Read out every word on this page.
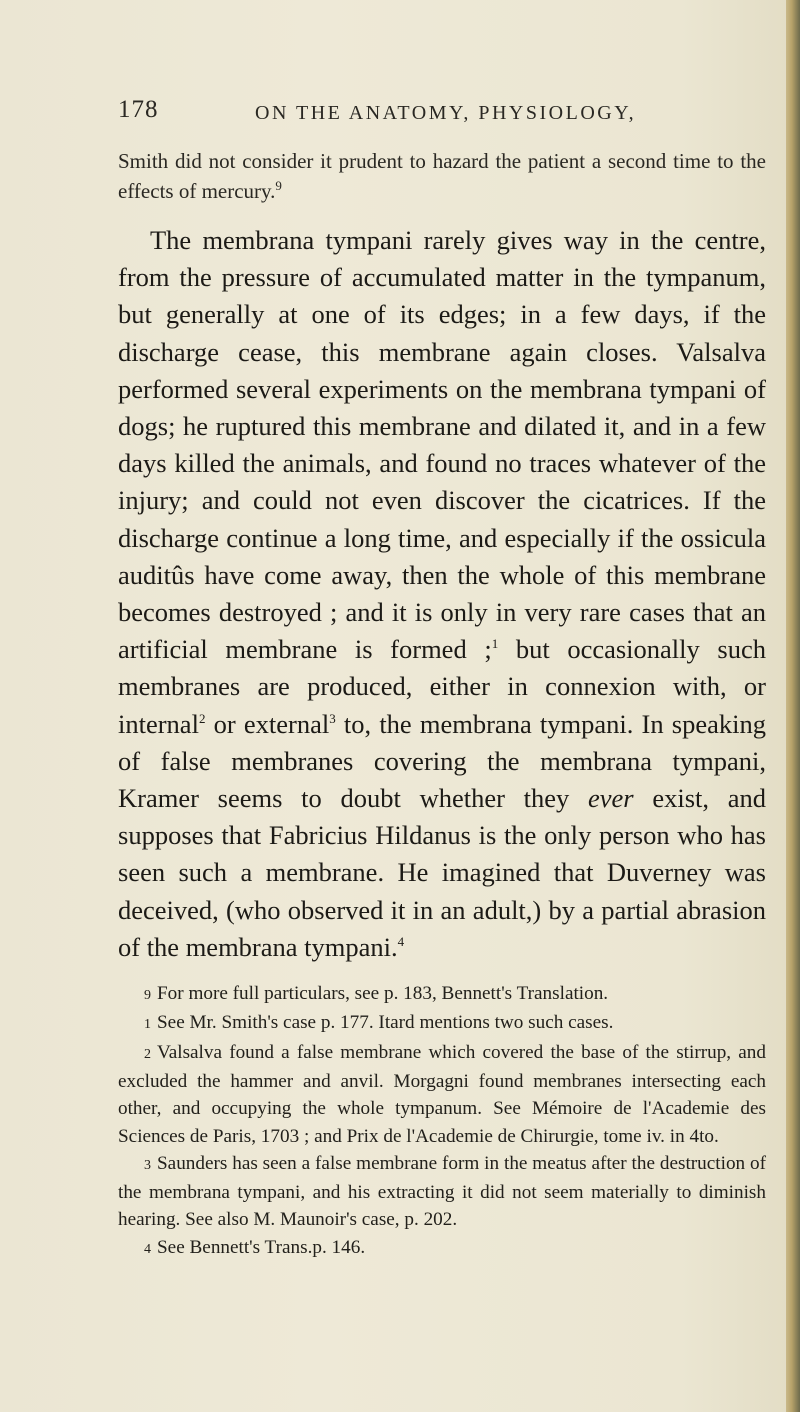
178	ON THE ANATOMY, PHYSIOLOGY,

Smith did not consider it prudent to hazard the patient a second time to the effects of mercury.$^9$

The membrana tympani rarely gives way in the centre, from the pressure of accumulated matter in the tympanum, but generally at one of its edges; in a few days, if the discharge cease, this membrane again closes. Valsalva performed several experiments on the membrana tympani of dogs; he ruptured this membrane and dilated it, and in a few days killed the animals, and found no traces whatever of the injury; and could not even discover the cicatrices. If the discharge continue a long time, and especially if the ossicula auditûs have come away, then the whole of this membrane becomes destroyed ; and it is only in very rare cases that an artificial membrane is formed ;$^1$ but occasionally such membranes are produced, either in connexion with, or internal$^2$ or external$^3$ to, the membrana tympani. In speaking of false membranes covering the membrana tympani, Kramer seems to doubt whether they ever exist, and supposes that Fabricius Hildanus is the only person who has seen such a membrane. He imagined that Duverney was deceived, (who observed it in an adult,) by a partial abrasion of the membrana tympani.$^4$

9 For more full particulars, see p. 183, Bennett's Translation.

1 See Mr. Smith's case p. 177. Itard mentions two such cases.

2 Valsalva found a false membrane which covered the base of the stirrup, and excluded the hammer and anvil. Morgagni found membranes intersecting each other, and occupying the whole tympanum. See Mémoire de l'Academie des Sciences de Paris, 1703 ; and Prix de l'Academie de Chirurgie, tome iv. in 4to.

3 Saunders has seen a false membrane form in the meatus after the destruction of the membrana tympani, and his extracting it did not seem materially to diminish hearing. See also M. Maunoir's case, p. 202.

4 See Bennett's Trans.p. 146.
